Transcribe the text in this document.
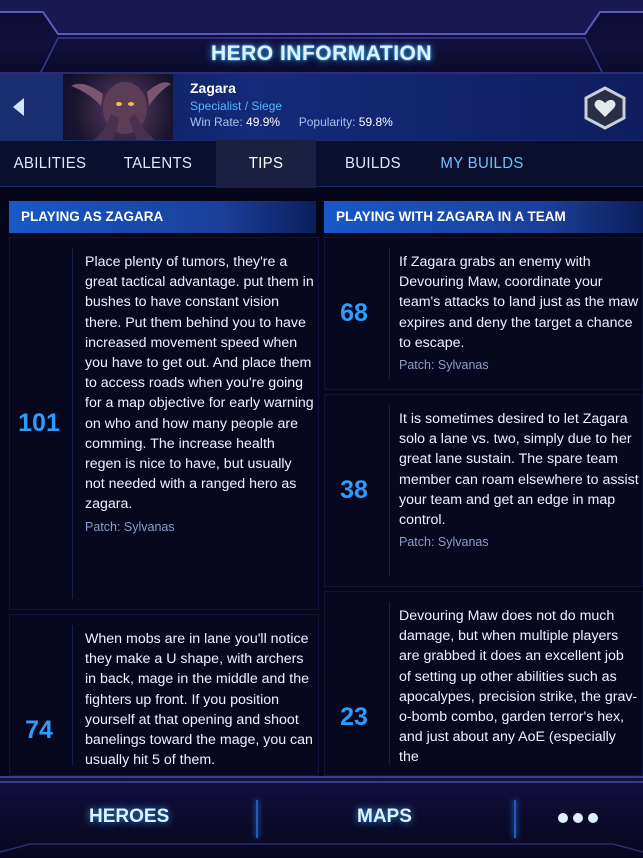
HERO INFORMATION
Zagara
Specialist / Siege
Win Rate: 49.9% Popularity: 59.8%
ABILITIES	TALENTS	TIPS	BUILDS	MY BUILDS
PLAYING AS ZAGARA	PLAYING WITH ZAGARA IN A TEAM
101
Place plenty of tumors, they're a great tactical advantage. put them in bushes to have constant vision there. Put them behind you to have increased movement speed when you have to get out. And place them to access roads when you're going for a map objective for early warning on who and how many people are comming. The increase health regen is nice to have, but usually not needed with a ranged hero as zagara.
Patch: Sylvanas
74
When mobs are in lane you'll notice they make a U shape, with archers in back, mage in the middle and the fighters up front. If you position yourself at that opening and shoot banelings toward the mage, you can usually hit 5 of them.
68
If Zagara grabs an enemy with Devouring Maw, coordinate your team's attacks to land just as the maw expires and deny the target a chance to escape.
Patch: Sylvanas
38
It is sometimes desired to let Zagara solo a lane vs. two, simply due to her great lane sustain. The spare team member can roam elsewhere to assist your team and get an edge in map control.
Patch: Sylvanas
23
Devouring Maw does not do much damage, but when multiple players are grabbed it does an excellent job of setting up other abilities such as apocalypes, precision strike, the grav-o-bomb combo, garden terror's hex, and just about any AoE (especially the
HEROES	MAPS
